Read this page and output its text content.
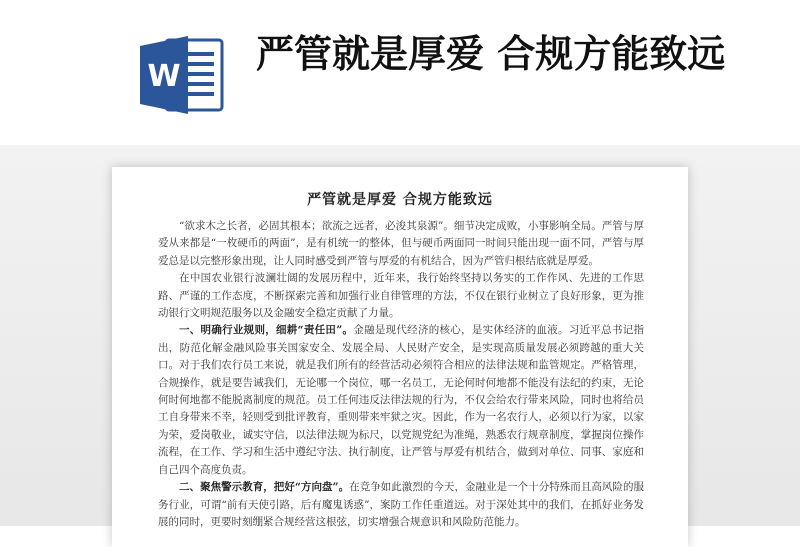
W
严管就是厚爱 合规方能致远
严管就是厚爱 合规方能致远

“欲求木之长者，必固其根本；欲流之远者，必浚其泉源”。细节决定成败，小事影响全局。严管与厚爱从来都是“一枚硬币的两面”，是有机统一的整体，但与硬币两面同一时间只能出现一面不同，严管与厚爱总是以完整形象出现，让人同时感受到严管与厚爱的有机结合，因为严管归根结底就是厚爱。

在中国农业银行波澜壮阔的发展历程中，近年来，我行始终坚持以务实的工作作风、先进的工作思路、严谨的工作态度，不断探索完善和加强行业自律管理的方法，不仅在银行业树立了良好形象，更为推动银行文明规范服务以及金融安全稳定贡献了力量。

一、明确行业规则，细耕“责任田”。金融是现代经济的核心，是实体经济的血液。习近平总书记指出，防范化解金融风险事关国家安全、发展全局、人民财产安全，是实现高质量发展必须跨越的重大关口。对于我们农行员工来说，就是我们所有的经营活动必须符合相应的法律法规和监管规定。严格管理，合规操作，就是要告诫我们，无论哪一个岗位，哪一名员工，无论何时何地都不能没有法纪的约束，无论何时何地都不能脱离制度的规范。员工任何违反法律法规的行为，不仅会给农行带来风险，同时也将给员工自身带来不幸，轻则受到批评教育，重则带来牢狱之灾。因此，作为一名农行人，必须以行为家，以家为荣，爱岗敬业，诚实守信，以法律法规为标尺，以党规党纪为准绳，熟悉农行规章制度，掌握岗位操作流程，在工作、学习和生活中遵纪守法、执行制度，让严管与厚爱有机结合，做到对单位、同事、家庭和自己四个高度负责。

二、聚焦警示教育，把好“方向盘”。在竞争如此激烈的今天，金融业是一个十分特殊而且高风险的服务行业，可谓“前有天使引路，后有魔鬼诱惑”，案防工作任重道远。对于深处其中的我们，在抓好业务发展的同时，更要时刻绷紧合规经营这根弦，切实增强合规意识和风险防范能力。
